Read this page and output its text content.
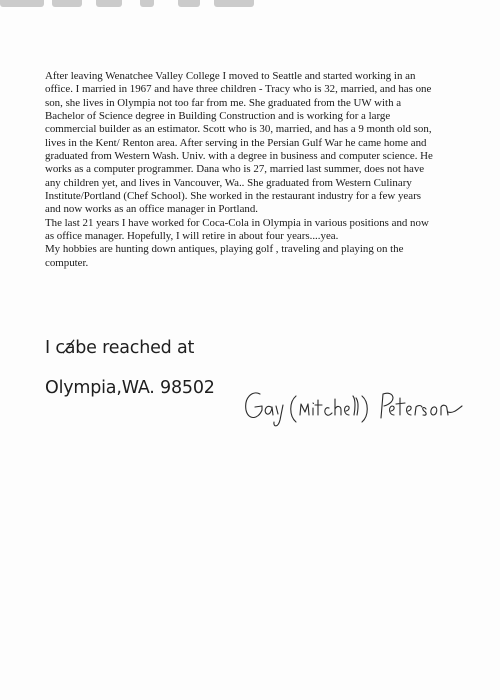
After leaving Wenatchee Valley College I moved to Seattle and started working in an
office. I married in 1967 and have three children - Tracy who is 32, married, and has one
son, she lives in Olympia not too far from me. She graduated from the UW with a
Bachelor of Science degree in Building Construction and is working for a large
commercial builder as an estimator. Scott who is 30, married, and has a 9 month old son,
lives in the Kent/ Renton area. After serving in the Persian Gulf War he came home and
graduated from Western Wash. Univ. with a degree in business and computer science. He
works as a computer programmer. Dana who is 27, married last summer, does not have
any children yet, and lives in Vancouver, Wa.. She graduated from Western Culinary
Institute/Portland (Chef School). She worked in the restaurant industry for a few years
and now works as an office manager in Portland.
The last 21 years I have worked for Coca-Cola in Olympia in various positions and now
as office manager. Hopefully, I will retire in about four years....yea.
My hobbies are hunting down antiques, playing golf , traveling and playing on the
computer.
I ca̸be reached at
Olympia,WA. 98502
